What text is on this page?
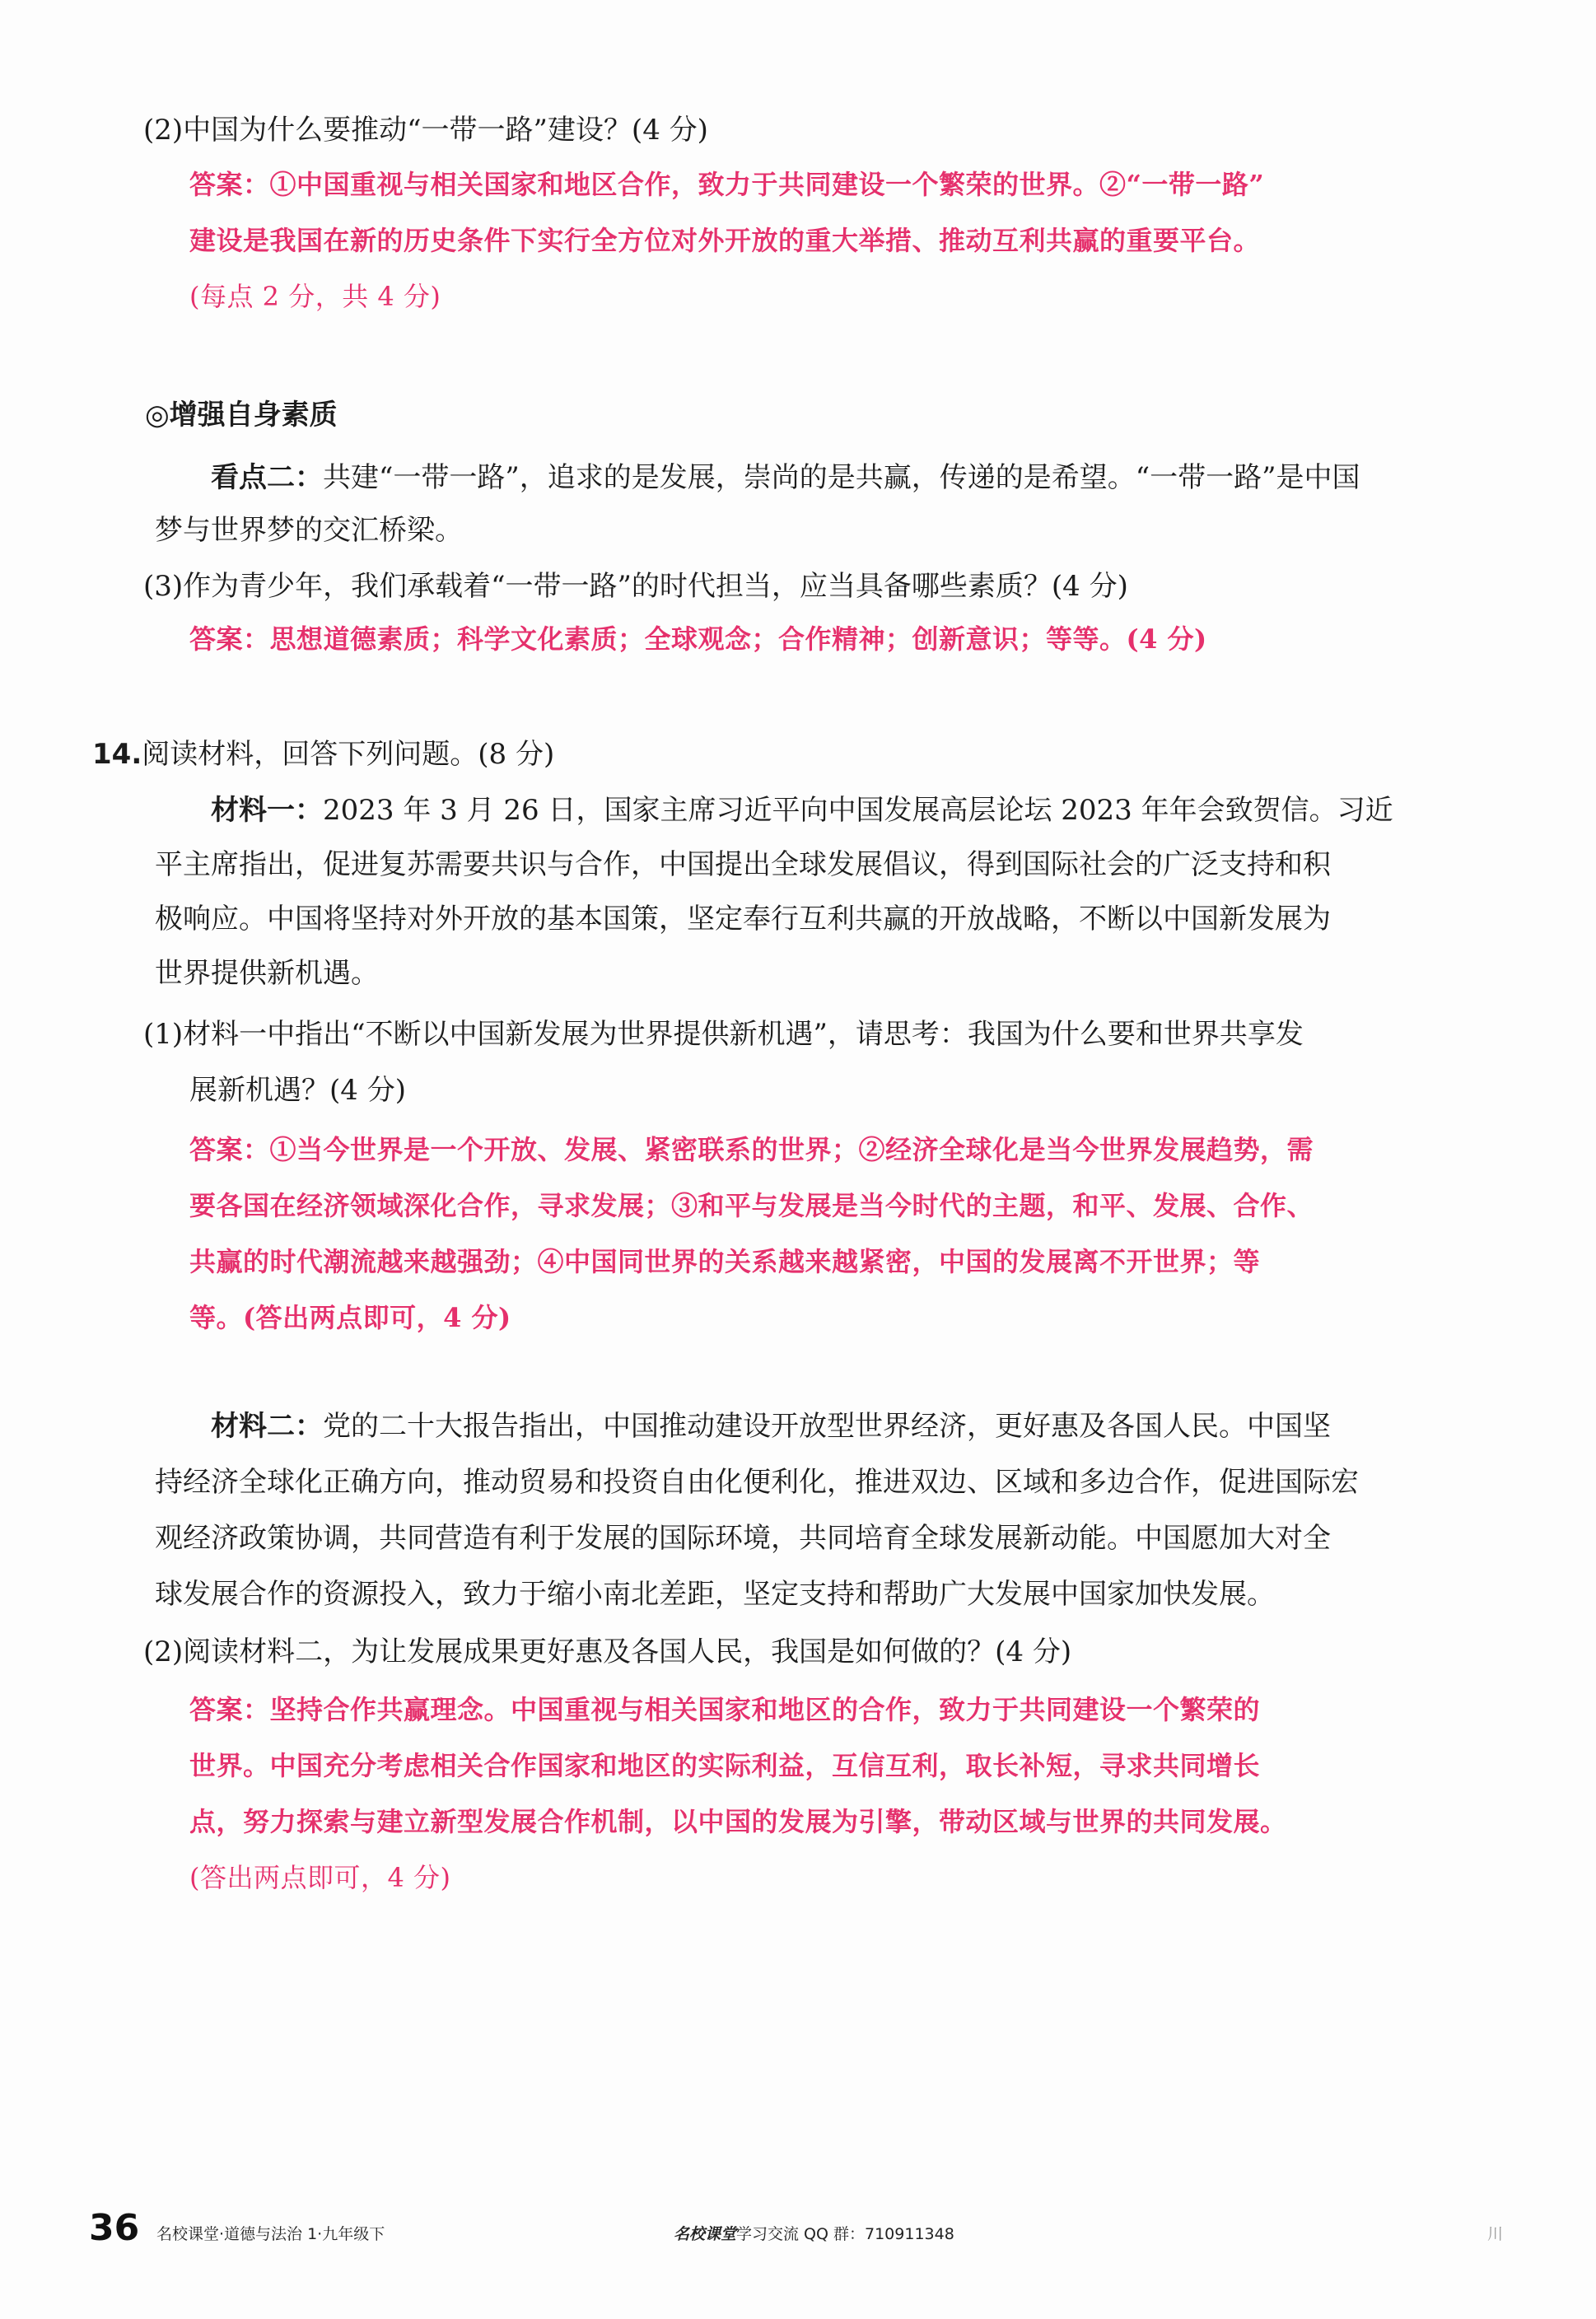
(2)中国为什么要推动“一带一路”建设？(4 分)
答案：①中国重视与相关国家和地区合作，致力于共同建设一个繁荣的世界。②“一带一路”
建设是我国在新的历史条件下实行全方位对外开放的重大举措、推动互利共赢的重要平台。
(每点 2 分，共 4 分)
◎增强自身素质
看点二：共建“一带一路”，追求的是发展，崇尚的是共赢，传递的是希望。“一带一路”是中国
梦与世界梦的交汇桥梁。
(3)作为青少年，我们承载着“一带一路”的时代担当，应当具备哪些素质？(4 分)
答案：思想道德素质；科学文化素质；全球观念；合作精神；创新意识；等等。(4 分)
14.阅读材料，回答下列问题。(8 分)
材料一：2023 年 3 月 26 日，国家主席习近平向中国发展高层论坛 2023 年年会致贺信。习近
平主席指出，促进复苏需要共识与合作，中国提出全球发展倡议，得到国际社会的广泛支持和积
极响应。中国将坚持对外开放的基本国策，坚定奉行互利共赢的开放战略，不断以中国新发展为
世界提供新机遇。
(1)材料一中指出“不断以中国新发展为世界提供新机遇”，请思考：我国为什么要和世界共享发
展新机遇？(4 分)
答案：①当今世界是一个开放、发展、紧密联系的世界；②经济全球化是当今世界发展趋势，需
要各国在经济领域深化合作，寻求发展；③和平与发展是当今时代的主题，和平、发展、合作、
共赢的时代潮流越来越强劲；④中国同世界的关系越来越紧密，中国的发展离不开世界；等
等。(答出两点即可，4 分)
材料二：党的二十大报告指出，中国推动建设开放型世界经济，更好惠及各国人民。中国坚
持经济全球化正确方向，推动贸易和投资自由化便利化，推进双边、区域和多边合作，促进国际宏
观经济政策协调，共同营造有利于发展的国际环境，共同培育全球发展新动能。中国愿加大对全
球发展合作的资源投入，致力于缩小南北差距，坚定支持和帮助广大发展中国家加快发展。
(2)阅读材料二，为让发展成果更好惠及各国人民，我国是如何做的？(4 分)
答案：坚持合作共赢理念。中国重视与相关国家和地区的合作，致力于共同建设一个繁荣的
世界。中国充分考虑相关合作国家和地区的实际利益，互信互利，取长补短，寻求共同增长
点，努力探索与建立新型发展合作机制，以中国的发展为引擎，带动区域与世界的共同发展。
(答出两点即可，4 分)
36 名校课堂·道德与法治 1·九年级下	名校课堂学习交流 QQ 群：710911348	川
